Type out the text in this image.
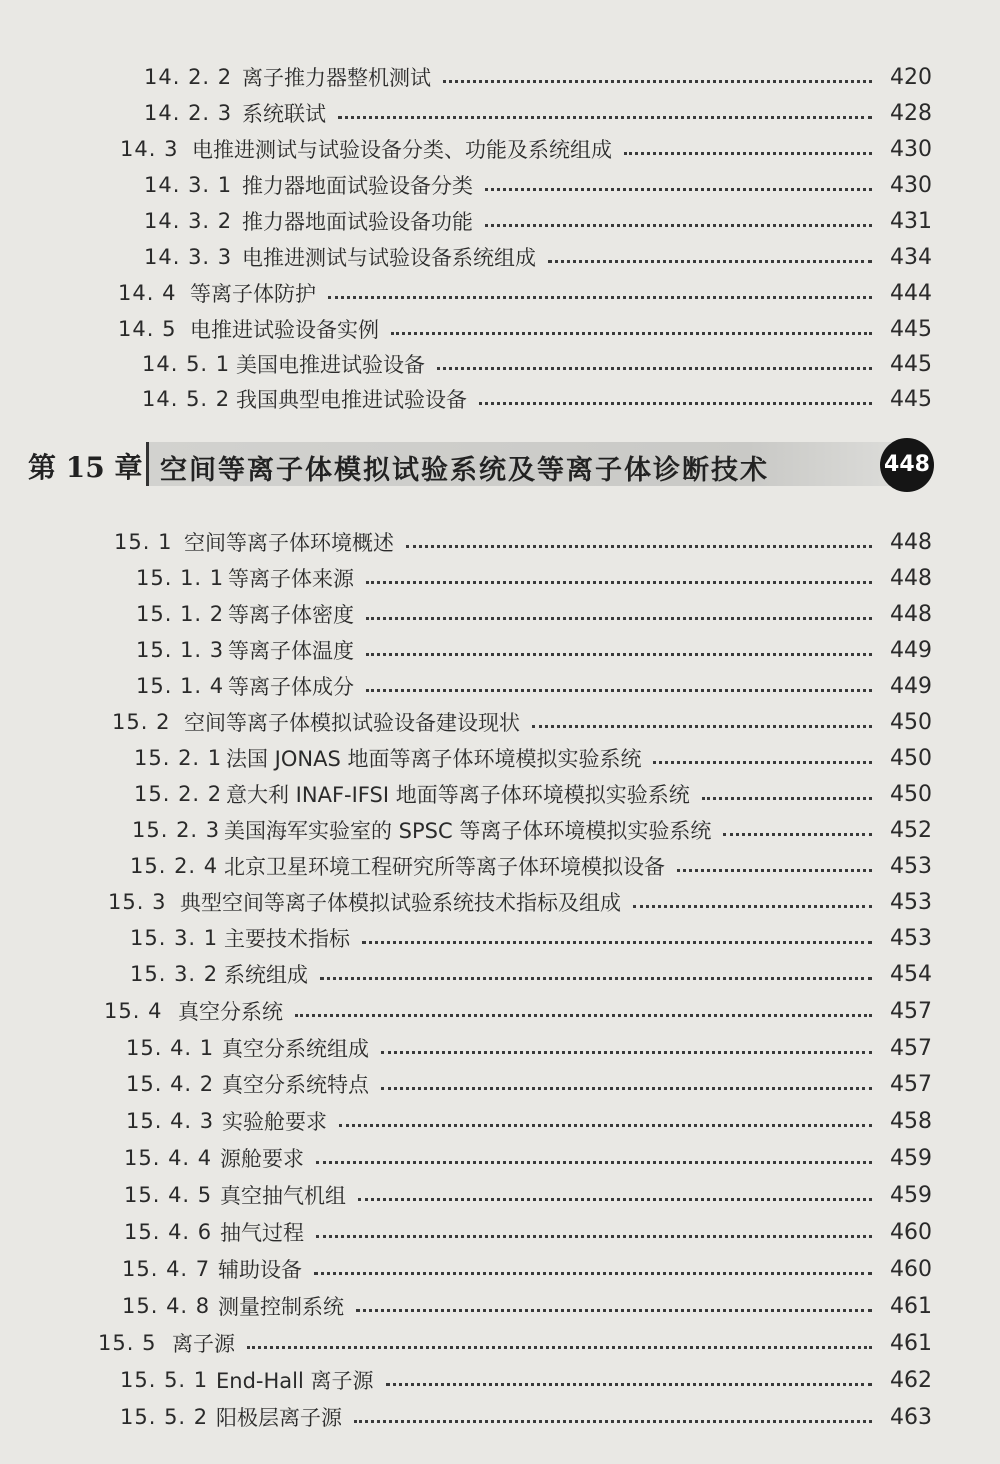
14. 2. 2 离子推力器整机测试	420
14. 2. 3 系统联试	428
14. 3 电推进测试与试验设备分类、功能及系统组成	430
14. 3. 1 推力器地面试验设备分类	430
14. 3. 2 推力器地面试验设备功能	431
14. 3. 3 电推进测试与试验设备系统组成	434
14. 4 等离子体防护	444
14. 5 电推进试验设备实例	445
14. 5. 1 美国电推进试验设备	445
14. 5. 2 我国典型电推进试验设备	445
第 15 章 空间等离子体模拟试验系统及等离子体诊断技术	448
15. 1 空间等离子体环境概述	448
15. 1. 1 等离子体来源	448
15. 1. 2 等离子体密度	448
15. 1. 3 等离子体温度	449
15. 1. 4 等离子体成分	449
15. 2 空间等离子体模拟试验设备建设现状	450
15. 2. 1 法国 JONAS 地面等离子体环境模拟实验系统	450
15. 2. 2 意大利 INAF-IFSI 地面等离子体环境模拟实验系统	450
15. 2. 3 美国海军实验室的 SPSC 等离子体环境模拟实验系统	452
15. 2. 4 北京卫星环境工程研究所等离子体环境模拟设备	453
15. 3 典型空间等离子体模拟试验系统技术指标及组成	453
15. 3. 1 主要技术指标	453
15. 3. 2 系统组成	454
15. 4 真空分系统	457
15. 4. 1 真空分系统组成	457
15. 4. 2 真空分系统特点	457
15. 4. 3 实验舱要求	458
15. 4. 4 源舱要求	459
15. 4. 5 真空抽气机组	459
15. 4. 6 抽气过程	460
15. 4. 7 辅助设备	460
15. 4. 8 测量控制系统	461
15. 5 离子源	461
15. 5. 1 End-Hall 离子源	462
15. 5. 2 阳极层离子源	463
